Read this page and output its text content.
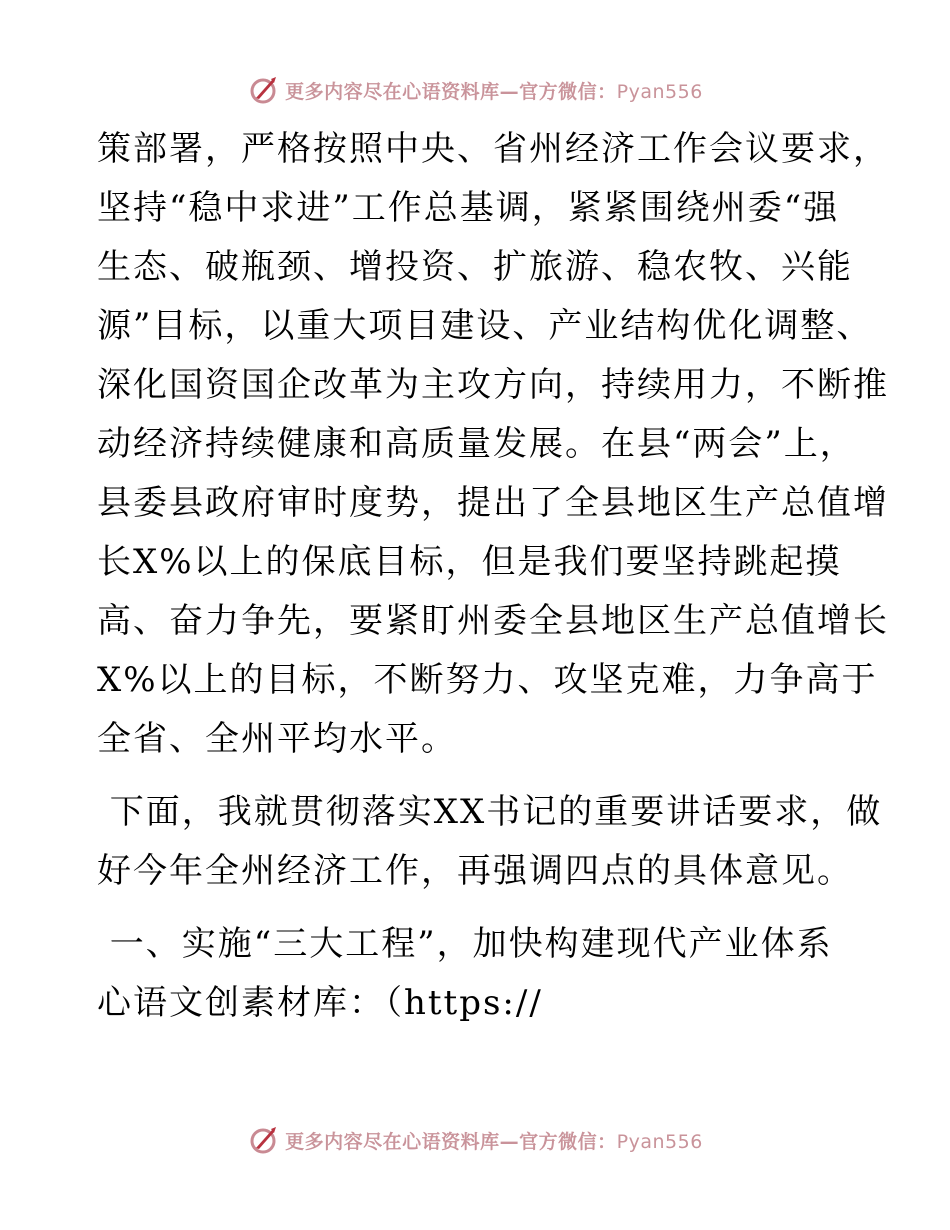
更多内容尽在心语资料库—官方微信：Pyan556

策部署，严格按照中央、省州经济工作会议要求，
坚持“稳中求进”工作总基调，紧紧围绕州委“强
生态、破瓶颈、增投资、扩旅游、稳农牧、兴能
源”目标，以重大项目建设、产业结构优化调整、
深化国资国企改革为主攻方向，持续用力，不断推
动经济持续健康和高质量发展。在县“两会”上，
县委县政府审时度势，提出了全县地区生产总值增
长X%以上的保底目标，但是我们要坚持跳起摸
高、奋力争先，要紧盯州委全县地区生产总值增长
X%以上的目标，不断努力、攻坚克难，力争高于
全省、全州平均水平。

下面，我就贯彻落实XX书记的重要讲话要求，做
好今年全州经济工作，再强调四点的具体意见。

一、实施“三大工程”，加快构建现代产业体系
心语文创素材库：（https://

更多内容尽在心语资料库—官方微信：Pyan556
